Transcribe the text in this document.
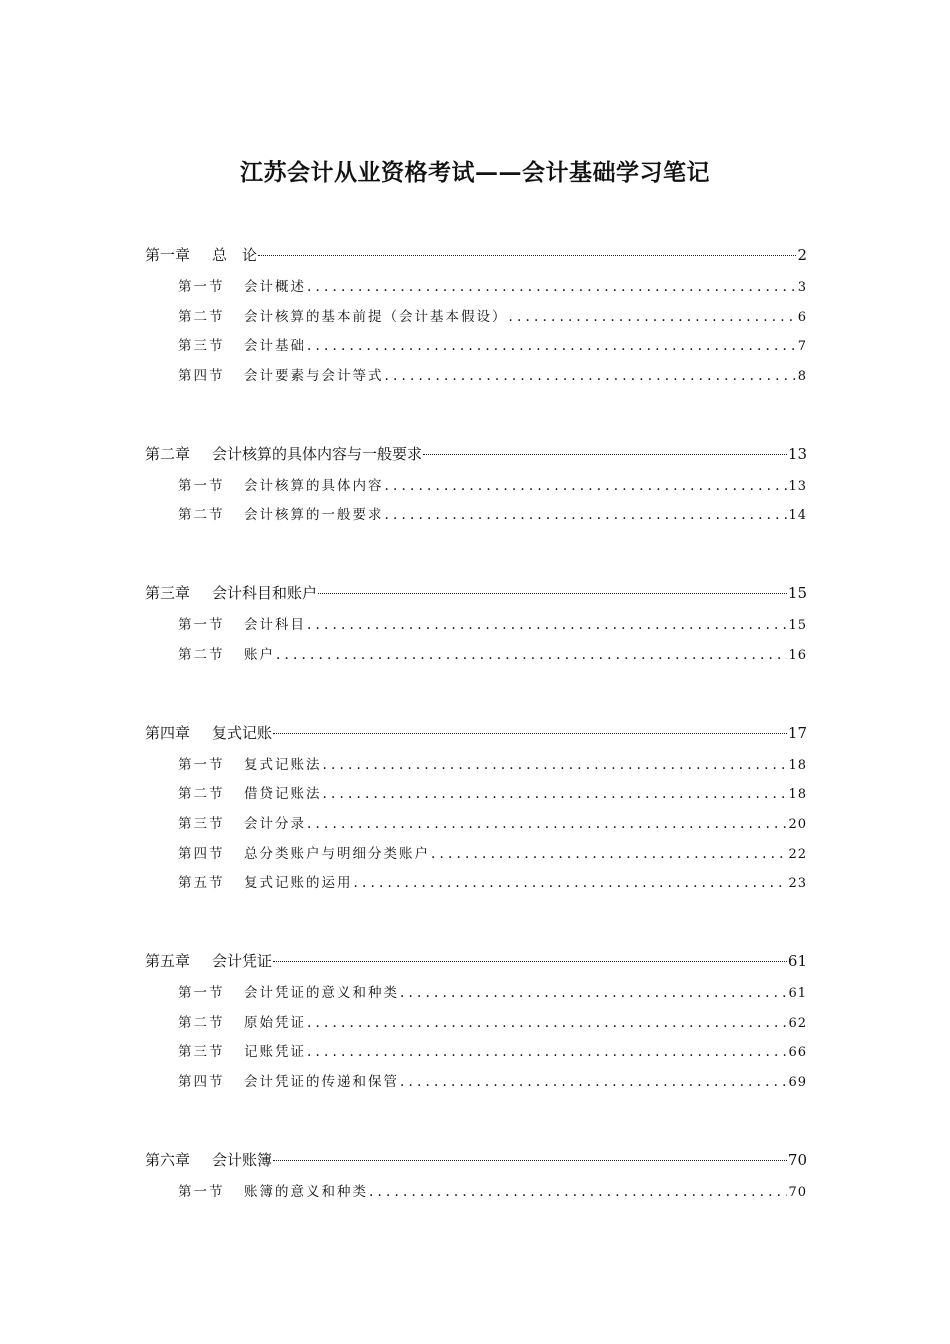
江苏会计从业资格考试——会计基础学习笔记
第一章	总　论	2
第一节	会计概述 .....	3
第二节	会计核算的基本前提（会计基本假设） .....	6
第三节	会计基础 .....	7
第四节	会计要素与会计等式 .....	8
第二章	会计核算的具体内容与一般要求	13
第一节	会计核算的具体内容 .....	13
第二节	会计核算的一般要求 .....	14
第三章	会计科目和账户	15
第一节	会计科目 .....	15
第二节	账户 .....	16
第四章	复式记账	17
第一节	复式记账法 .....	18
第二节	借贷记账法 .....	18
第三节	会计分录 .....	20
第四节	总分类账户与明细分类账户 .....	22
第五节	复式记账的运用 .....	23
第五章	会计凭证	61
第一节	会计凭证的意义和种类 .....	61
第二节	原始凭证 .....	62
第三节	记账凭证 .....	66
第四节	会计凭证的传递和保管 .....	69
第六章	会计账簿	70
第一节	账簿的意义和种类 .....	70
